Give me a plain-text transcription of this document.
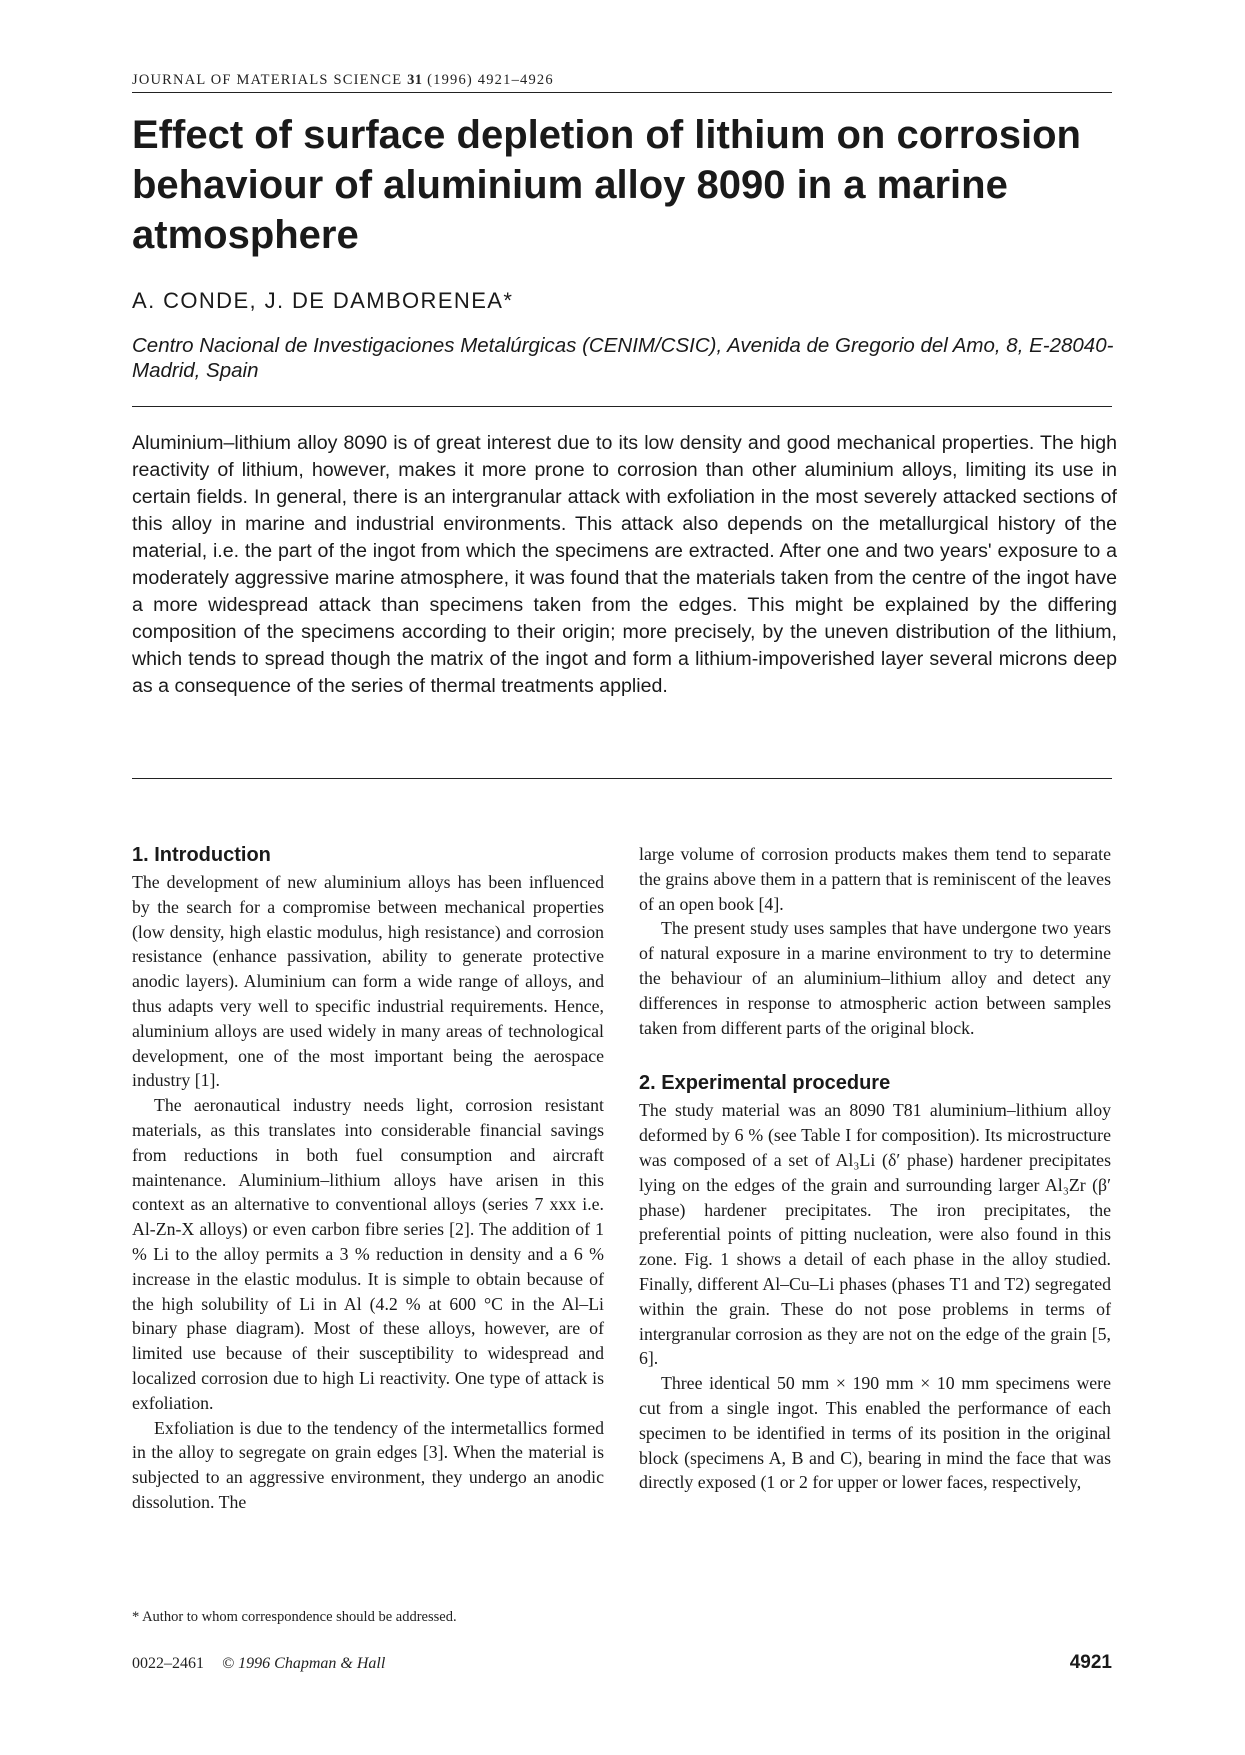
JOURNAL OF MATERIALS SCIENCE 31 (1996) 4921–4926
Effect of surface depletion of lithium on corrosion behaviour of aluminium alloy 8090 in a marine atmosphere
A. CONDE, J. DE DAMBORENEA*
Centro Nacional de Investigaciones Metalúrgicas (CENIM/CSIC), Avenida de Gregorio del Amo, 8, E-28040-Madrid, Spain

Aluminium–lithium alloy 8090 is of great interest due to its low density and good mechanical properties. The high reactivity of lithium, however, makes it more prone to corrosion than other aluminium alloys, limiting its use in certain fields. In general, there is an intergranular attack with exfoliation in the most severely attacked sections of this alloy in marine and industrial environments. This attack also depends on the metallurgical history of the material, i.e. the part of the ingot from which the specimens are extracted. After one and two years' exposure to a moderately aggressive marine atmosphere, it was found that the materials taken from the centre of the ingot have a more widespread attack than specimens taken from the edges. This might be explained by the differing composition of the specimens according to their origin; more precisely, by the uneven distribution of the lithium, which tends to spread though the matrix of the ingot and form a lithium-impoverished layer several microns deep as a consequence of the series of thermal treatments applied.

1. Introduction

The development of new aluminium alloys has been influenced by the search for a compromise between mechanical properties (low density, high elastic modulus, high resistance) and corrosion resistance (enhance passivation, ability to generate protective anodic layers). Aluminium can form a wide range of alloys, and thus adapts very well to specific industrial requirements. Hence, aluminium alloys are used widely in many areas of technological development, one of the most important being the aerospace industry [1].

The aeronautical industry needs light, corrosion resistant materials, as this translates into considerable financial savings from reductions in both fuel consumption and aircraft maintenance. Aluminium–lithium alloys have arisen in this context as an alternative to conventional alloys (series 7 xxx i.e. Al-Zn-X alloys) or even carbon fibre series [2]. The addition of 1 % Li to the alloy permits a 3 % reduction in density and a 6 % increase in the elastic modulus. It is simple to obtain because of the high solubility of Li in Al (4.2 % at 600 °C in the Al–Li binary phase diagram). Most of these alloys, however, are of limited use because of their susceptibility to widespread and localized corrosion due to high Li reactivity. One type of attack is exfoliation.

Exfoliation is due to the tendency of the intermetallics formed in the alloy to segregate on grain edges [3]. When the material is subjected to an aggressive environment, they undergo an anodic dissolution. The

large volume of corrosion products makes them tend to separate the grains above them in a pattern that is reminiscent of the leaves of an open book [4].

The present study uses samples that have undergone two years of natural exposure in a marine environment to try to determine the behaviour of an aluminium–lithium alloy and detect any differences in response to atmospheric action between samples taken from different parts of the original block.

2. Experimental procedure

The study material was an 8090 T81 aluminium–lithium alloy deformed by 6 % (see Table I for composition). Its microstructure was composed of a set of Al₃Li (δ′ phase) hardener precipitates lying on the edges of the grain and surrounding larger Al₃Zr (β′ phase) hardener precipitates. The iron precipitates, the preferential points of pitting nucleation, were also found in this zone. Fig. 1 shows a detail of each phase in the alloy studied. Finally, different Al–Cu–Li phases (phases T1 and T2) segregated within the grain. These do not pose problems in terms of intergranular corrosion as they are not on the edge of the grain [5, 6].

Three identical 50 mm × 190 mm × 10 mm specimens were cut from a single ingot. This enabled the performance of each specimen to be identified in terms of its position in the original block (specimens A, B and C), bearing in mind the face that was directly exposed (1 or 2 for upper or lower faces, respectively,

* Author to whom correspondence should be addressed.
0022–2461 © 1996 Chapman & Hall	4921
